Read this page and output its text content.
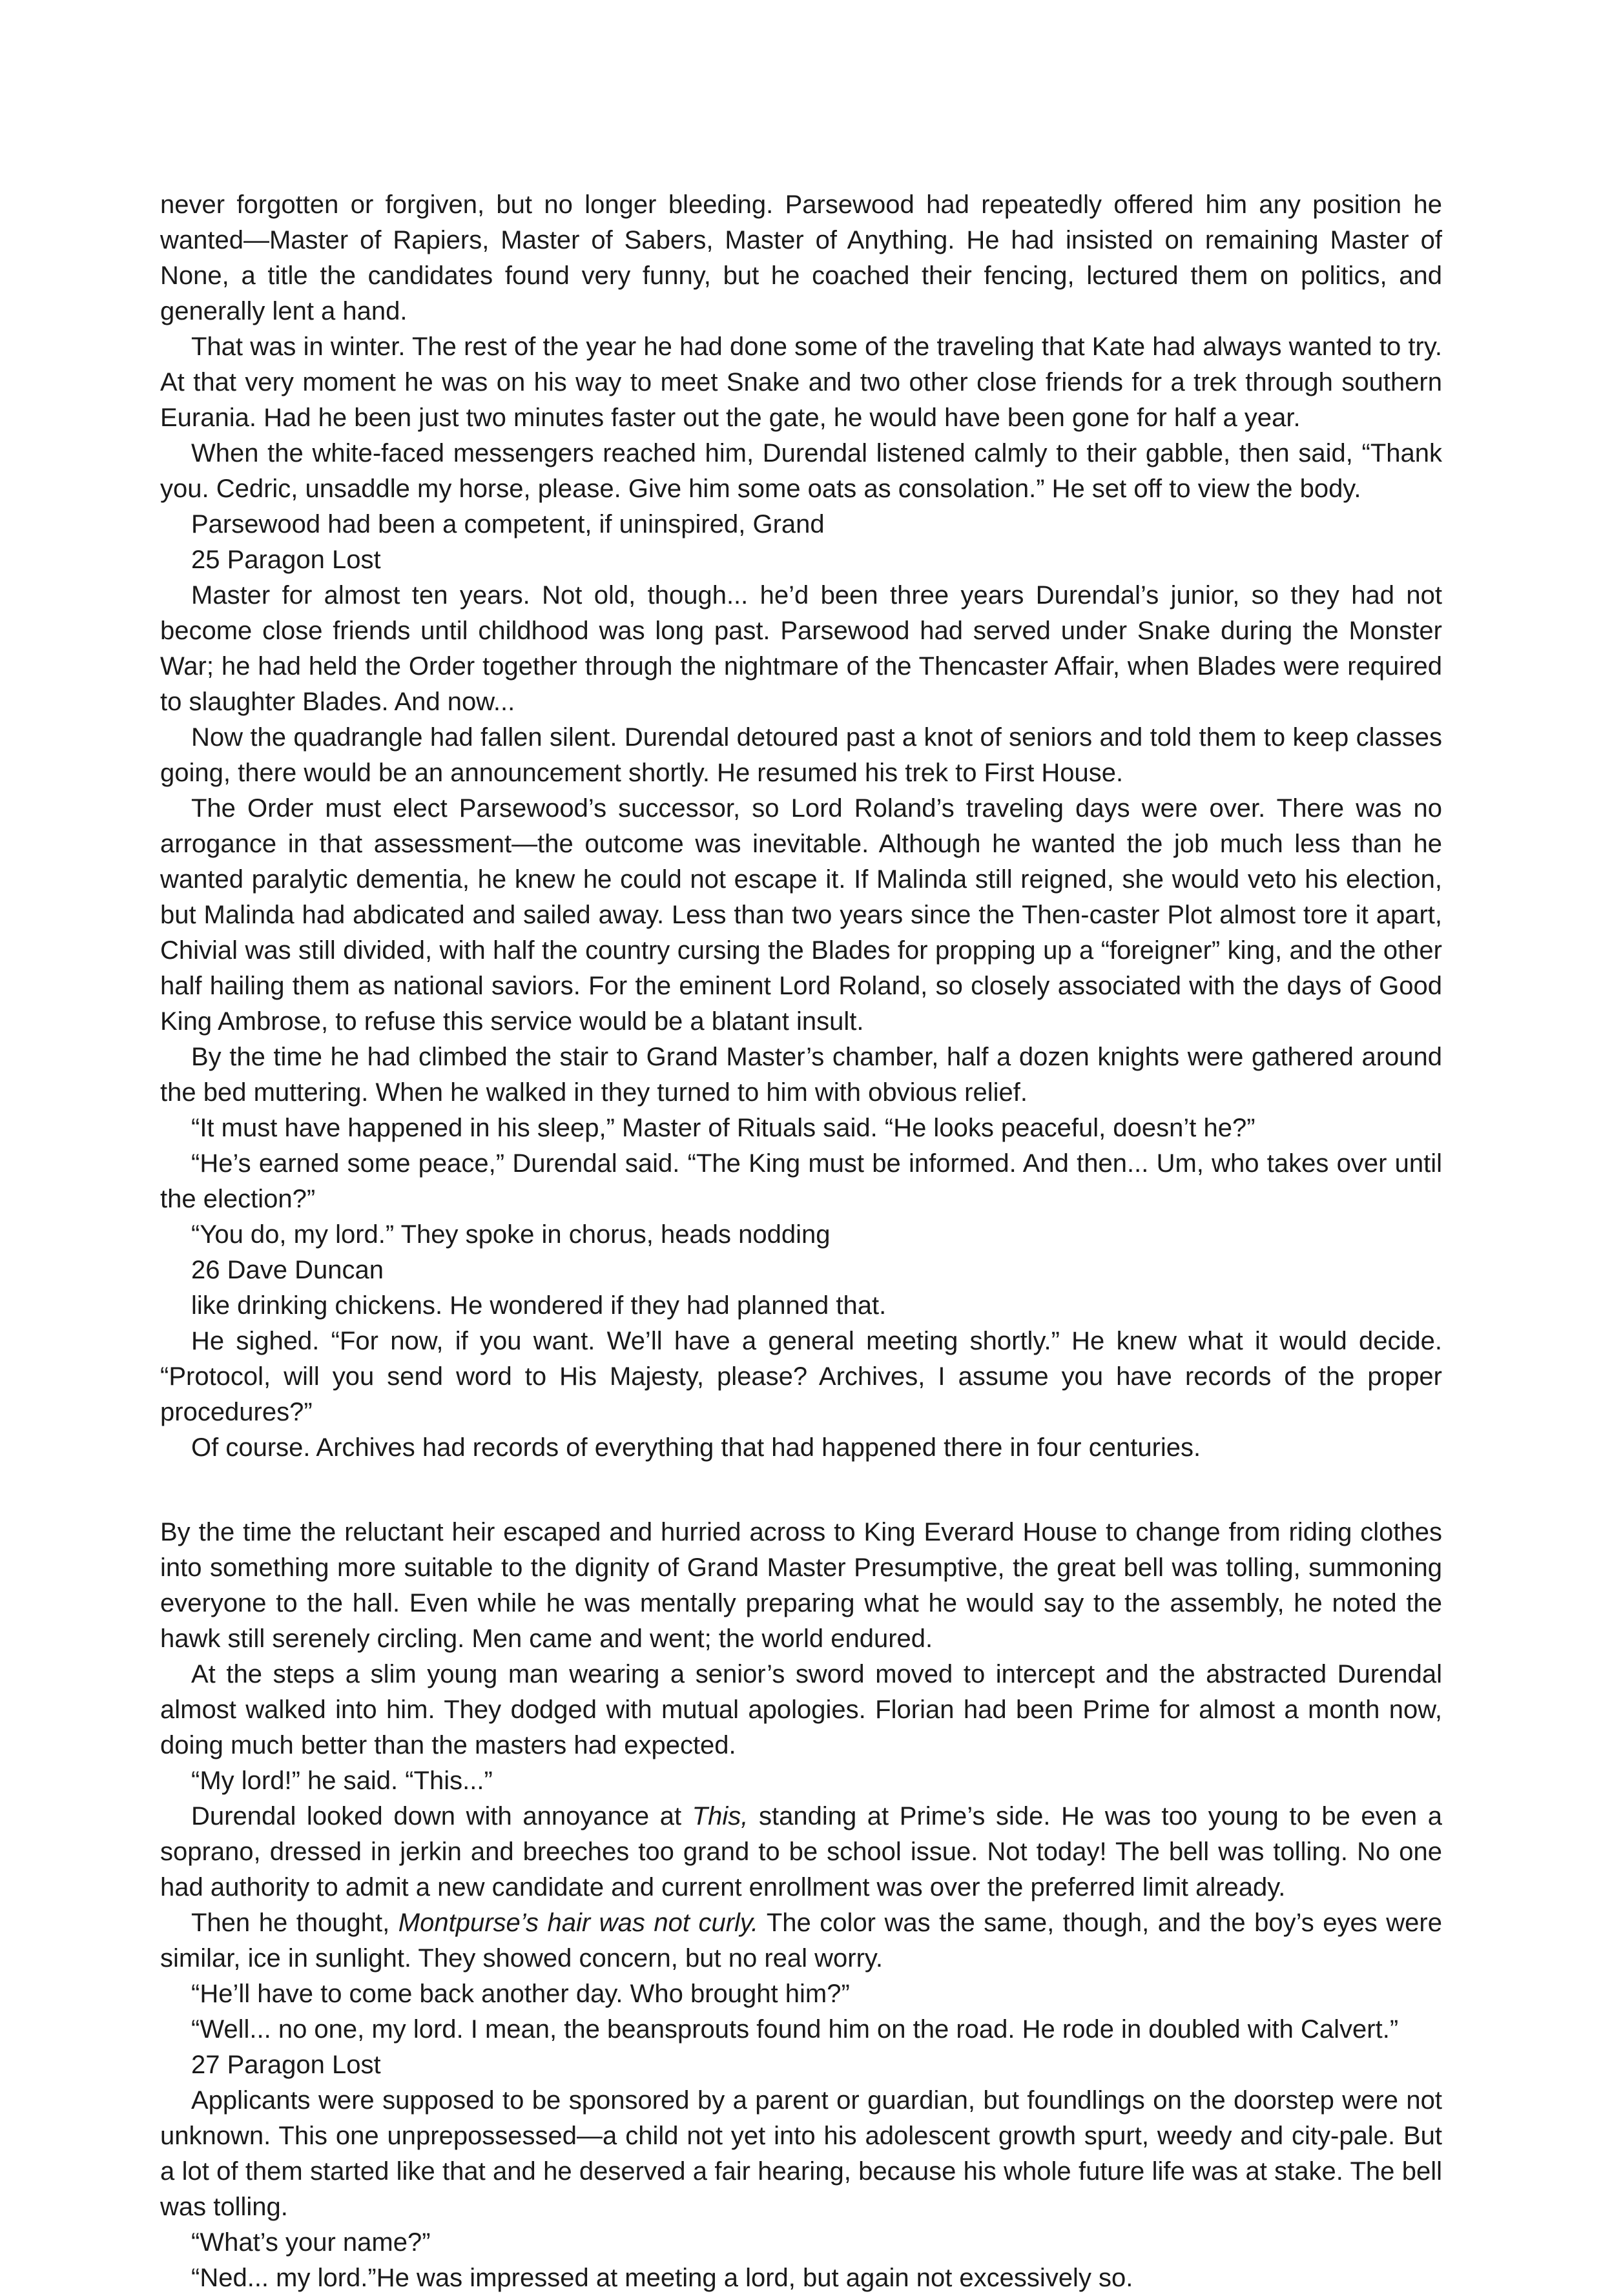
never forgotten or forgiven, but no longer bleeding. Parsewood had repeatedly offered him any position he wanted—Master of Rapiers, Master of Sabers, Master of Anything. He had insisted on remaining Master of None, a title the candidates found very funny, but he coached their fencing, lectured them on politics, and generally lent a hand.

That was in winter. The rest of the year he had done some of the traveling that Kate had always wanted to try. At that very moment he was on his way to meet Snake and two other close friends for a trek through southern Eurania. Had he been just two minutes faster out the gate, he would have been gone for half a year.

When the white-faced messengers reached him, Durendal listened calmly to their gabble, then said, “Thank you. Cedric, unsaddle my horse, please. Give him some oats as consolation.” He set off to view the body.

Parsewood had been a competent, if uninspired, Grand

25 Paragon Lost

Master for almost ten years. Not old, though... he’d been three years Durendal’s junior, so they had not become close friends until childhood was long past. Parsewood had served under Snake during the Monster War; he had held the Order together through the nightmare of the Thencaster Affair, when Blades were required to slaughter Blades. And now...

Now the quadrangle had fallen silent. Durendal detoured past a knot of seniors and told them to keep classes going, there would be an announcement shortly. He resumed his trek to First House.

The Order must elect Parsewood’s successor, so Lord Roland’s traveling days were over. There was no arrogance in that assessment—the outcome was inevitable. Although he wanted the job much less than he wanted paralytic dementia, he knew he could not escape it. If Malinda still reigned, she would veto his election, but Malinda had abdicated and sailed away. Less than two years since the Then-caster Plot almost tore it apart, Chivial was still divided, with half the country cursing the Blades for propping up a “foreigner” king, and the other half hailing them as national saviors. For the eminent Lord Roland, so closely associated with the days of Good King Ambrose, to refuse this service would be a blatant insult.

By the time he had climbed the stair to Grand Master’s chamber, half a dozen knights were gathered around the bed muttering. When he walked in they turned to him with obvious relief.

“It must have happened in his sleep,” Master of Rituals said. “He looks peaceful, doesn’t he?”

“He’s earned some peace,” Durendal said. “The King must be informed. And then... Um, who takes over until the election?”

“You do, my lord.” They spoke in chorus, heads nodding

26 Dave Duncan

like drinking chickens. He wondered if they had planned that.

He sighed. “For now, if you want. We’ll have a general meeting shortly.” He knew what it would decide. “Protocol, will you send word to His Majesty, please? Archives, I assume you have records of the proper procedures?”

Of course. Archives had records of everything that had happened there in four centuries.

By the time the reluctant heir escaped and hurried across to King Everard House to change from riding clothes into something more suitable to the dignity of Grand Master Presumptive, the great bell was tolling, summoning everyone to the hall. Even while he was mentally preparing what he would say to the assembly, he noted the hawk still serenely circling. Men came and went; the world endured.

At the steps a slim young man wearing a senior’s sword moved to intercept and the abstracted Durendal almost walked into him. They dodged with mutual apologies. Florian had been Prime for almost a month now, doing much better than the masters had expected.

“My lord!” he said. “This...”

Durendal looked down with annoyance at This, standing at Prime’s side. He was too young to be even a soprano, dressed in jerkin and breeches too grand to be school issue. Not today! The bell was tolling. No one had authority to admit a new candidate and current enrollment was over the preferred limit already.

Then he thought, Montpurse’s hair was not curly. The color was the same, though, and the boy’s eyes were similar, ice in sunlight. They showed concern, but no real worry.

“He’ll have to come back another day. Who brought him?”

“Well... no one, my lord. I mean, the beansprouts found him on the road. He rode in doubled with Calvert.”

27 Paragon Lost

Applicants were supposed to be sponsored by a parent or guardian, but foundlings on the doorstep were not unknown. This one unprepossessed—a child not yet into his adolescent growth spurt, weedy and city-pale. But a lot of them started like that and he deserved a fair hearing, because his whole future life was at stake. The bell was tolling.

“What’s your name?”

“Ned... my lord.”He was impressed at meeting a lord, but again not excessively so.
